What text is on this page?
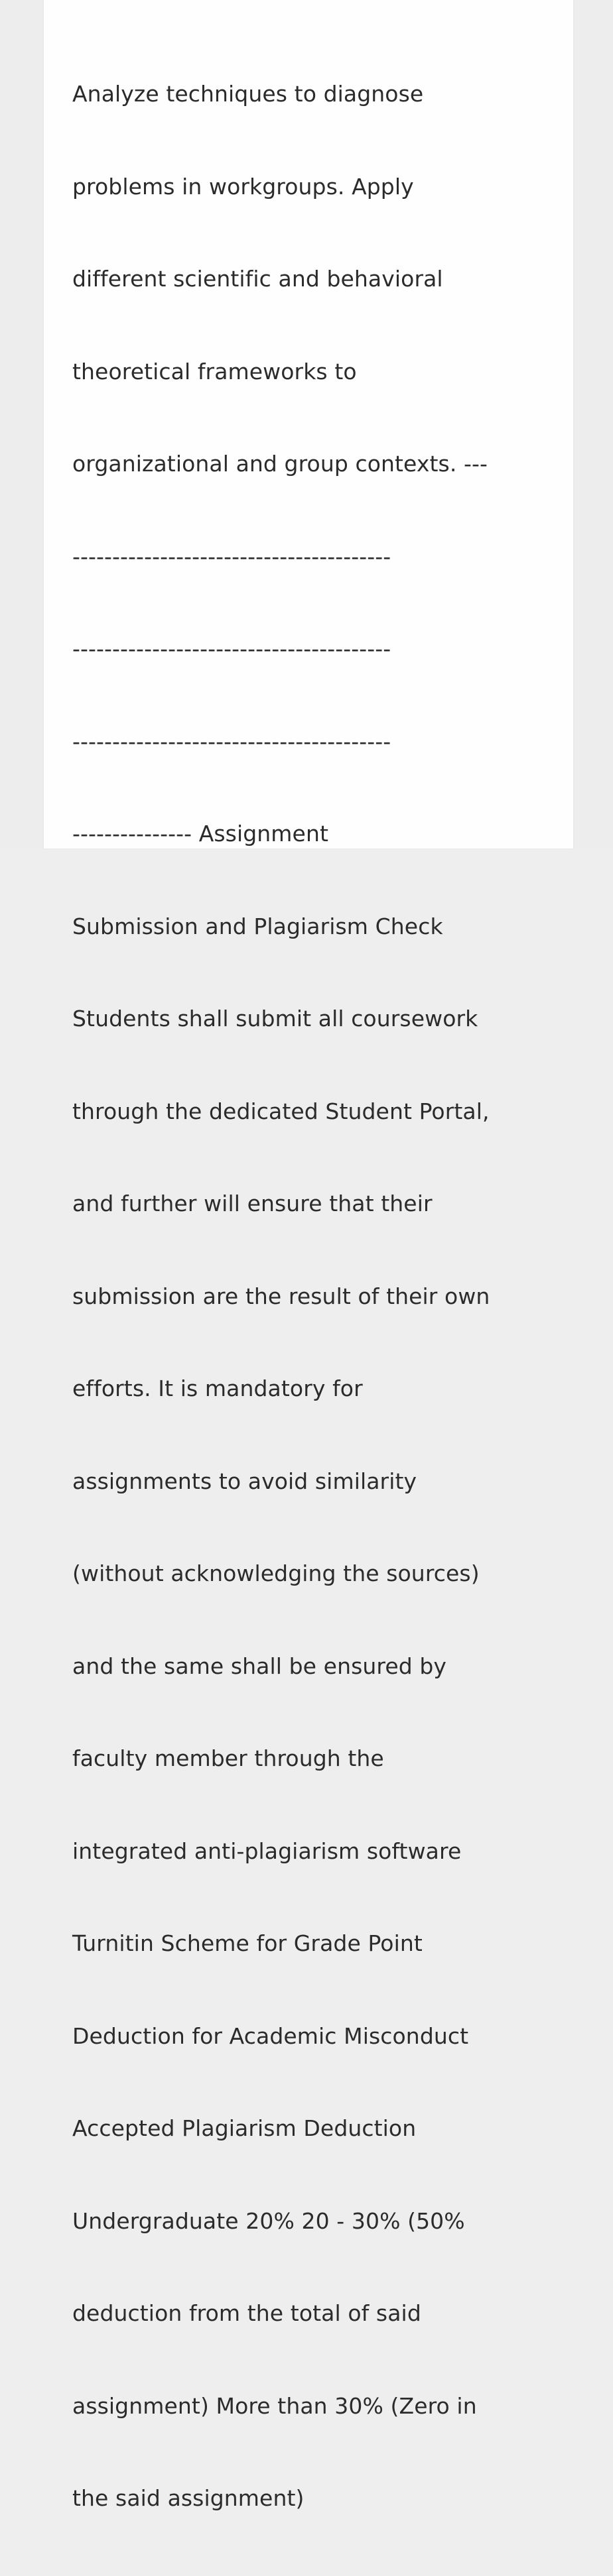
Analyze techniques to diagnose

problems in workgroups. Apply

different scientific and behavioral

theoretical frameworks to

organizational and group contexts. ---

----------------------------------------

----------------------------------------

----------------------------------------

--------------- Assignment

Submission and Plagiarism Check

Students shall submit all coursework

through the dedicated Student Portal,

and further will ensure that their

submission are the result of their own

efforts. It is mandatory for

assignments to avoid similarity

(without acknowledging the sources)

and the same shall be ensured by

faculty member through the

integrated anti-plagiarism software

Turnitin Scheme for Grade Point

Deduction for Academic Misconduct

Accepted Plagiarism Deduction

Undergraduate 20% 20 - 30% (50%

deduction from the total of said

assignment) More than 30% (Zero in

the said assignment)
